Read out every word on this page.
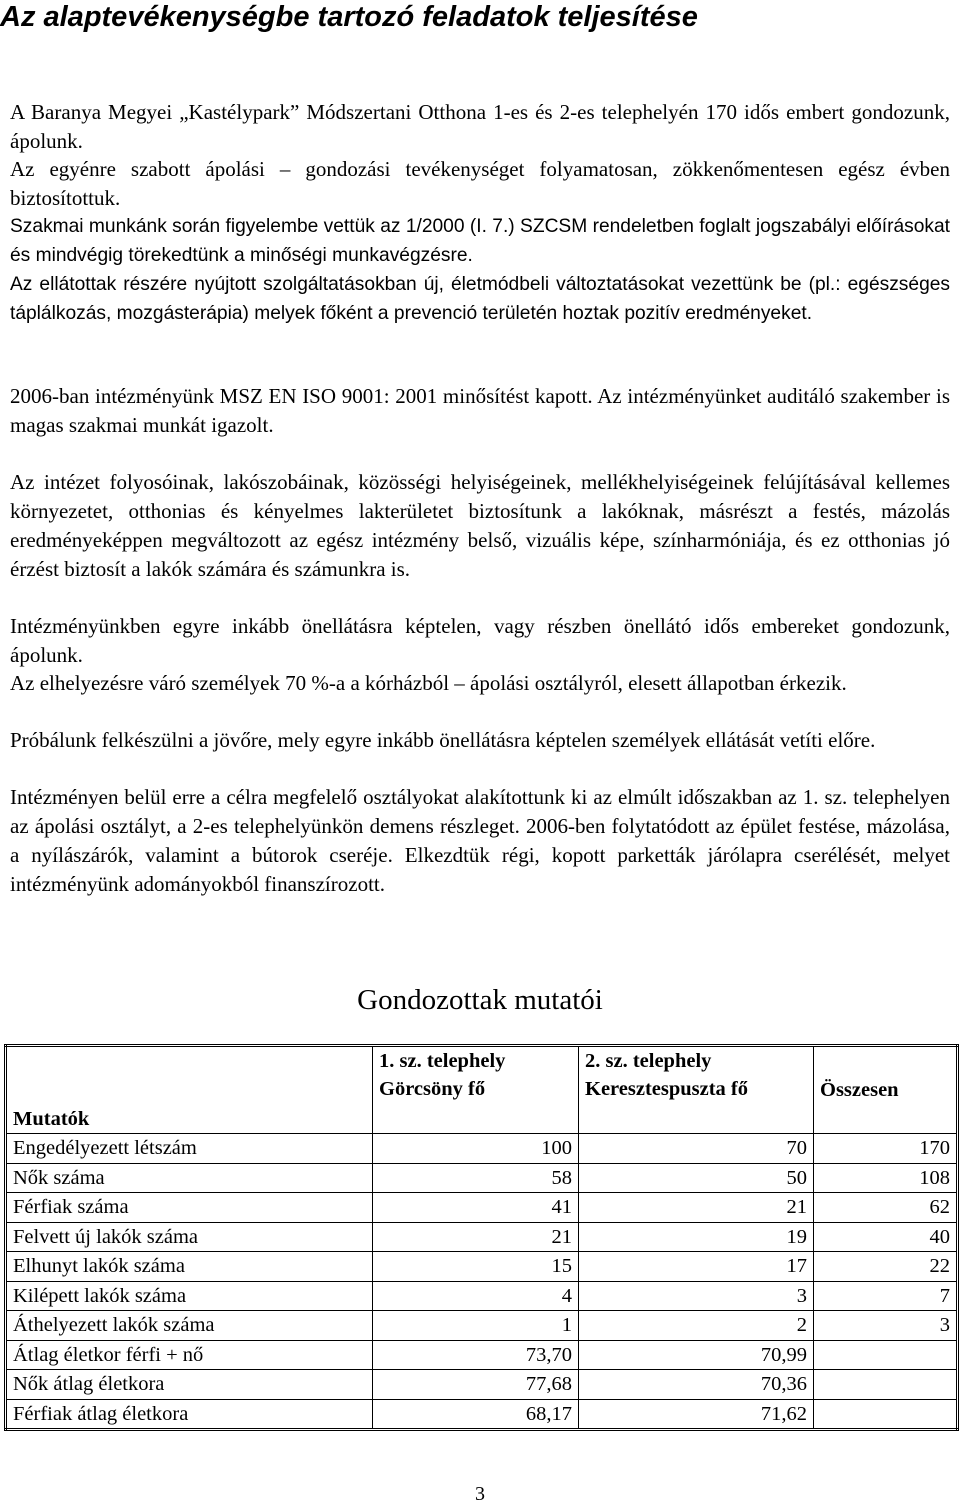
Az alaptevékenységbe tartozó feladatok teljesítése

A Baranya Megyei „Kastélypark” Módszertani Otthona 1-es és 2-es telephelyén 170 idős embert gondozunk, ápolunk.

Az egyénre szabott ápolási – gondozási tevékenységet folyamatosan, zökkenőmentesen egész évben biztosítottuk.

Szakmai munkánk során figyelembe vettük az 1/2000 (I. 7.) SZCSM rendeletben foglalt jogszabályi előírásokat és mindvégig törekedtünk a minőségi munkavégzésre.

Az ellátottak részére nyújtott szolgáltatásokban új, életmódbeli változtatásokat vezettünk be (pl.: egészséges táplálkozás, mozgásterápia) melyek főként a prevenció területén hoztak pozitív eredményeket.

2006-ban intézményünk MSZ EN ISO 9001: 2001 minősítést kapott. Az intézményünket auditáló szakember is magas szakmai munkát igazolt.

Az intézet folyosóinak, lakószobáinak, közösségi helyiségeinek, mellékhelyiségeinek felújításával kellemes környezetet, otthonias és kényelmes lakterületet biztosítunk a lakóknak, másrészt a festés, mázolás eredményeképpen megváltozott az egész intézmény belső, vizuális képe, színharmóniája, és ez otthonias jó érzést biztosít a lakók számára és számunkra is.

Intézményünkben egyre inkább önellátásra képtelen, vagy részben önellátó idős embereket gondozunk, ápolunk.

Az elhelyezésre váró személyek 70 %-a a kórházból – ápolási osztályról, elesett állapotban érkezik.

Próbálunk felkészülni a jövőre, mely egyre inkább önellátásra képtelen személyek ellátását vetíti előre.

Intézményen belül erre a célra megfelelő osztályokat alakítottunk ki az elmúlt időszakban az 1. sz. telephelyen az ápolási osztályt, a 2-es telephelyünkön demens részleget. 2006-ben folytatódott az épület festése, mázolása, a nyílászárók, valamint a bútorok cseréje. Elkezdtük régi, kopott parketták járólapra cserélését, melyet intézményünk adományokból finanszírozott.

Gondozottak mutatói
Mutatók	1. sz. telephely Görcsöny fő	2. sz. telephely Keresztespuszta fő	Összesen
Engedélyezett létszám	100	70	170
Nők száma	58	50	108
Férfiak száma	41	21	62
Felvett új lakók száma	21	19	40
Elhunyt lakók száma	15	17	22
Kilépett lakók száma	4	3	7
Áthelyezett lakók száma	1	2	3
Átlag életkor férfi + nő	73,70	70,99	
Nők átlag életkora	77,68	70,36	
Férfiak átlag életkora	68,17	71,62	
3
